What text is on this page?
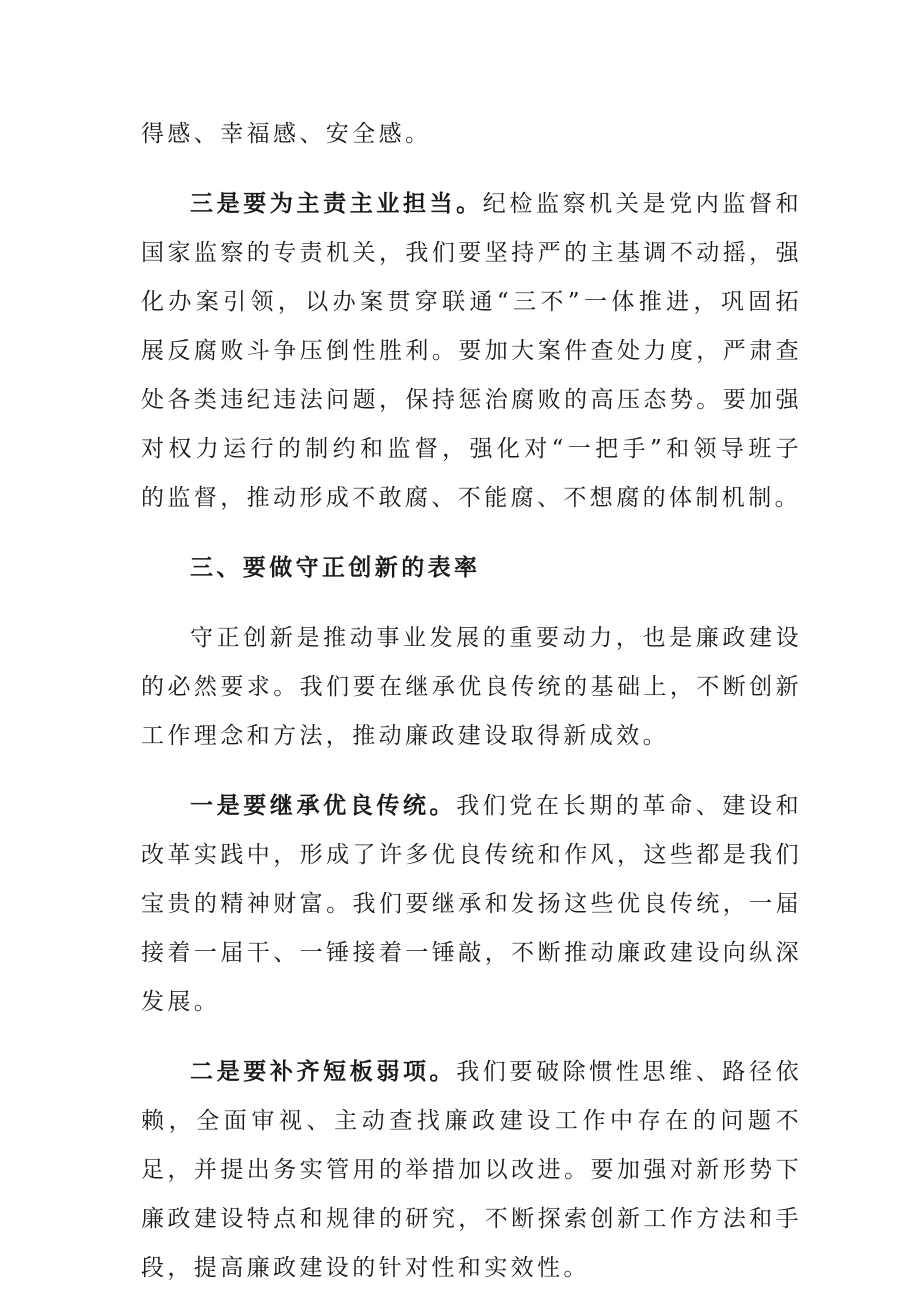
得感、幸福感、安全感。

三是要为主责主业担当。纪检监察机关是党内监督和国家监察的专责机关，我们要坚持严的主基调不动摇，强化办案引领，以办案贯穿联通“三不”一体推进，巩固拓展反腐败斗争压倒性胜利。要加大案件查处力度，严肃查处各类违纪违法问题，保持惩治腐败的高压态势。要加强对权力运行的制约和监督，强化对“一把手”和领导班子的监督，推动形成不敢腐、不能腐、不想腐的体制机制。

三、要做守正创新的表率

守正创新是推动事业发展的重要动力，也是廉政建设的必然要求。我们要在继承优良传统的基础上，不断创新工作理念和方法，推动廉政建设取得新成效。

一是要继承优良传统。我们党在长期的革命、建设和改革实践中，形成了许多优良传统和作风，这些都是我们宝贵的精神财富。我们要继承和发扬这些优良传统，一届接着一届干、一锤接着一锤敲，不断推动廉政建设向纵深发展。

二是要补齐短板弱项。我们要破除惯性思维、路径依赖，全面审视、主动查找廉政建设工作中存在的问题不足，并提出务实管用的举措加以改进。要加强对新形势下廉政建设特点和规律的研究，不断探索创新工作方法和手段，提高廉政建设的针对性和实效性。
